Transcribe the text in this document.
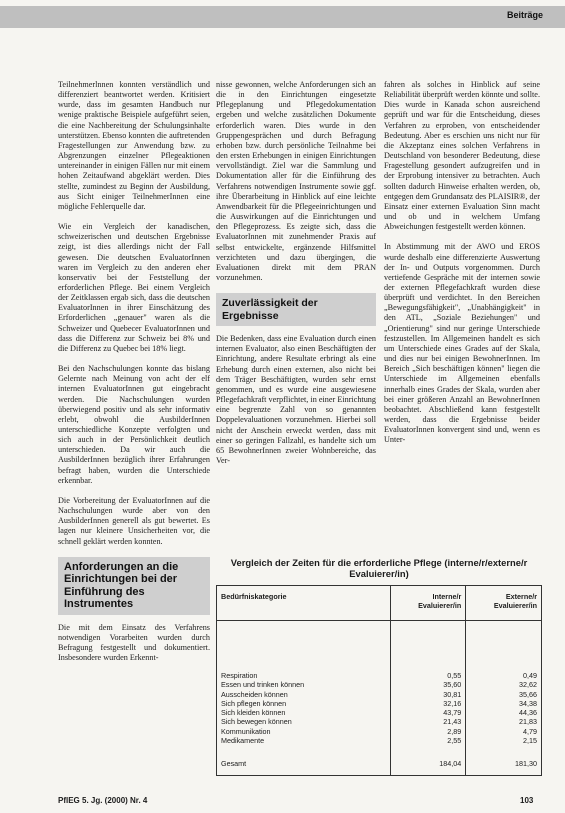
Beiträge

Teilnehmerlnnen konnten verständlich und differenziert beantwortet werden. Kritisiert wurde, dass im gesamten Handbuch nur wenige praktische Beispiele aufgeführt seien, die eine Nachbereitung der Schulungsinhalte unterstützen. Ebenso konnten die auftretenden Fragestellungen zur Anwendung bzw. zu Abgrenzungen einzelner Pflegeaktionen untereinander in einigen Fällen nur mit einem hohen Zeitaufwand abgeklärt werden. Dies stellte, zumindest zu Beginn der Ausbildung, aus Sicht einiger TeilnehmerInnen eine mögliche Fehlerquelle dar.

Wie ein Vergleich der kanadischen, schweizerischen und deutschen Ergebnisse zeigt, ist dies allerdings nicht der Fall gewesen. Die deutschen EvaluatorInnen waren im Vergleich zu den anderen eher konservativ bei der Feststellung der erforderlichen Pflege. Bei einem Vergleich der Zeitklassen ergab sich, dass die deutschen EvaluatorInnen in ihrer Einschätzung des Erforderlichen „genauer" waren als die Schweizer und Quebecer EvaluatorInnen und dass die Differenz zur Schweiz bei 8% und die Differenz zu Quebec bei 18% liegt.

Bei den Nachschulungen konnte das bislang Gelernte nach Meinung von acht der elf internen EvaluatorInnen gut eingebracht werden. Die Nachschulungen wurden überwiegend positiv und als sehr informativ erlebt, obwohl die AusbilderInnen unterschiedliche Konzepte verfolgten und sich auch in der Persönlichkeit deutlich unterschieden. Da wir auch die AusbilderInnen bezüglich ihrer Erfahrungen befragt haben, wurden die Unterschiede erkennbar.

Die Vorbereitung der EvaluatorInnen auf die Nachschulungen wurde aber von den AusbilderInnen generell als gut bewertet. Es lagen nur kleinere Unsicherheiten vor, die schnell geklärt werden konnten.

Anforderungen an die Einrichtungen bei der Einführung des Instrumentes

Die mit dem Einsatz des Verfahrens notwendigen Vorarbeiten wurden durch Befragung festgestellt und dokumentiert. Insbesondere wurden Erkennt-

nisse gewonnen, welche Anforderungen sich an die in den Einrichtungen eingesetzte Pflegeplanung und Pflegedokumentation ergeben und welche zusätzlichen Dokumente erforderlich waren. Dies wurde in den Gruppengesprächen und durch Befragung erhoben bzw. durch persönliche Teilnahme bei den ersten Erhebungen in einigen Einrichtungen vervollständigt. Ziel war die Sammlung und Dokumentation aller für die Einführung des Verfahrens notwendigen Instrumente sowie ggf. ihre Überarbeitung in Hinblick auf eine leichte Anwendbarkeit für die Pflegeeinrichtungen und die Auswirkungen auf die Einrichtungen und den Pflegeprozess. Es zeigte sich, dass die EvaluatorInnen mit zunehmender Praxis auf selbst entwickelte, ergänzende Hilfsmittel verzichteten und dazu übergingen, die Evaluationen direkt mit dem PRAN vorzunehmen.

Zuverlässigkeit der Ergebnisse

Die Bedenken, dass eine Evaluation durch einen internen Evaluator, also einen Beschäftigten der Einrichtung, andere Resultate erbringt als eine Erhebung durch einen externen, also nicht bei dem Träger Beschäftigten, wurden sehr ernst genommen, und es wurde eine ausgewiesene Pflegefachkraft verpflichtet, in einer Einrichtung eine begrenzte Zahl von so genannten Doppelevaluationen vorzunehmen. Hierbei soll nicht der Anschein erweckt werden, dass mit einer so geringen Fallzahl, es handelte sich um 65 BewohnerInnen zweier Wohnbereiche, das Ver-

fahren als solches in Hinblick auf seine Reliabilität überprüft werden könnte und sollte. Dies wurde in Kanada schon ausreichend geprüft und war für die Entscheidung, dieses Verfahren zu erproben, von entscheidender Bedeutung. Aber es erschien uns nicht nur für die Akzeptanz eines solchen Verfahrens in Deutschland von besonderer Bedeutung, diese Fragestellung gesondert aufzugreifen und in der Erprobung intensiver zu betrachten. Auch sollten dadurch Hinweise erhalten werden, ob, entgegen dem Grundansatz des PLAISIR®, der Einsatz einer externen Evaluation Sinn macht und ob und in welchem Umfang Abweichungen festgestellt werden können.

In Abstimmung mit der AWO und EROS wurde deshalb eine differenzierte Auswertung der In- und Outputs vorgenommen. Durch vertiefende Gespräche mit der internen sowie der externen Pflegefachkraft wurden diese überprüft und verdichtet. In den Bereichen „Bewegungsfähigkeit", „Unabhängigkeit" in den ATL, „Soziale Beziehungen" und „Orientierung" sind nur geringe Unterschiede festzustellen. Im Allgemeinen handelt es sich um Unterschiede eines Grades auf der Skala, und dies nur bei einigen BewohnerInnen. Im Bereich „Sich beschäftigen können" liegen die Unterschiede im Allgemeinen ebenfalls innerhalb eines Grades der Skala, wurden aber bei einer größeren Anzahl an BewohnerInnen beobachtet. Abschließend kann festgestellt werden, dass die Ergebnisse beider EvaluatorInnen konvergent sind und, wenn es Unter-

Vergleich der Zeiten für die erforderliche Pflege (interne/r/externe/r Evaluierer/in)
Bedürfniskategorie	Interne/r Evaluierer/in
Externe/r Evaluierer/in
Respiration
Essen und trinken können
Ausscheiden können
Sich pflegen können
Sich kleiden können
Sich bewegen können
Kommunikation
Medikamente
Gesamt
0,55
35,60
30,81
32,16
43,79
21,43
2,89
2,55
184,04
0,49
32,62
35,66
34,38
44,36
21,83
4,79
2,15
181,30
PflEG 5. Jg. (2000) Nr. 4	103
